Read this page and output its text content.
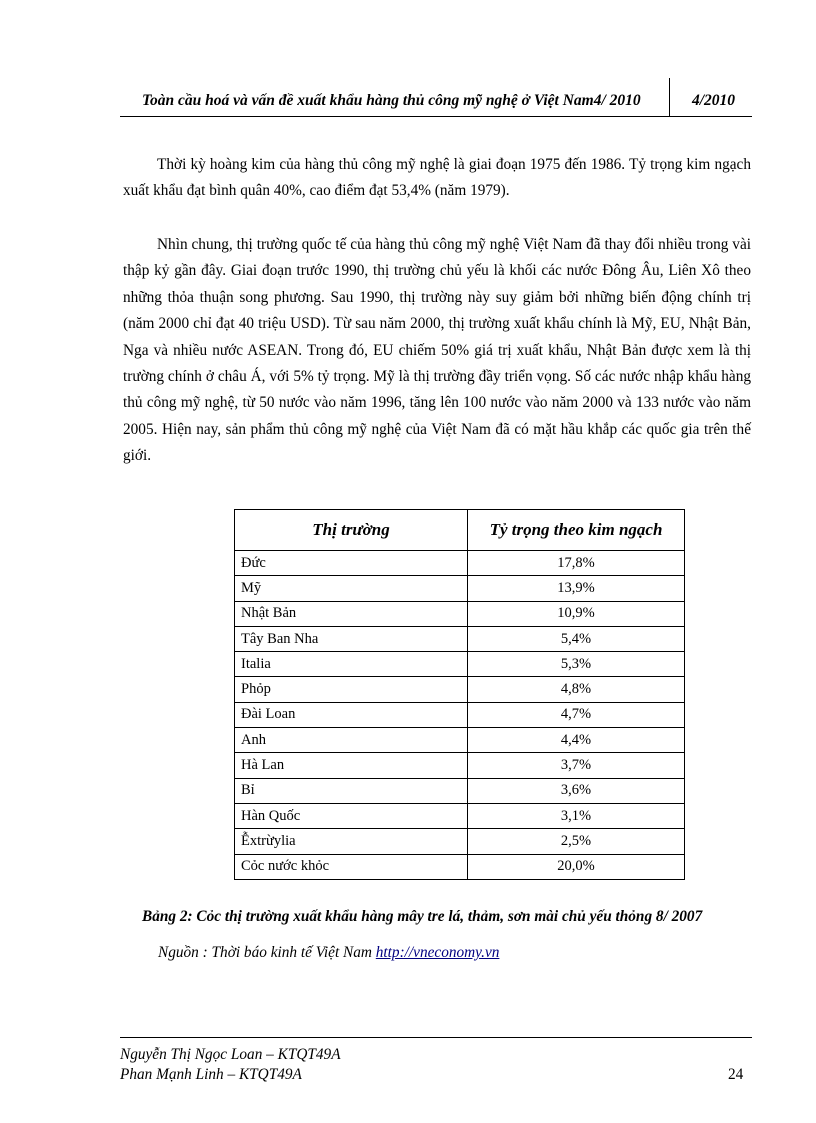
Toàn cầu hoá và vấn đề xuất khẩu hàng thủ công mỹ nghệ ở Việt Nam4/ 2010	4/2010

Thời kỳ hoàng kim của hàng thủ công mỹ nghệ là giai đoạn 1975 đến 1986. Tỷ trọng kim ngạch xuất khẩu đạt bình quân 40%, cao điểm đạt 53,4% (năm 1979).

Nhìn chung, thị trường quốc tế của hàng thủ công mỹ nghệ Việt Nam đã thay đổi nhiều trong vài thập kỷ gần đây. Giai đoạn trước 1990, thị trường chủ yếu là khối các nước Đông Âu, Liên Xô theo những thỏa thuận song phương. Sau 1990, thị trường này suy giảm bởi những biến động chính trị (năm 2000 chỉ đạt 40 triệu USD). Từ sau năm 2000, thị trường xuất khẩu chính là Mỹ, EU, Nhật Bản, Nga và nhiều nước ASEAN. Trong đó, EU chiếm 50% giá trị xuất khẩu, Nhật Bản được xem là thị trường chính ở châu Á, với 5% tỷ trọng. Mỹ là thị trường đầy triển vọng. Số các nước nhập khẩu hàng thủ công mỹ nghệ, từ 50 nước vào năm 1996, tăng lên 100 nước vào năm 2000 và 133 nước vào năm 2005. Hiện nay, sản phẩm thủ công mỹ nghệ của Việt Nam đã có mặt hầu khắp các quốc gia trên thế giới.

Thị trường	Tỷ trọng theo kim ngạch
Đức	17,8%
Mỹ	13,9%
Nhật Bản	10,9%
Tây Ban Nha	5,4%
Italia	5,3%
Phỏp	4,8%
Đài Loan	4,7%
Anh	4,4%
Hà Lan	3,7%
Bỉ	3,6%
Hàn Quốc	3,1%
Ễxtrừylia	2,5%
Cỏc nước khỏc	20,0%
Bảng 2: Cỏc thị trường xuất khẩu hàng mây tre lá, thảm, sơn mài chủ yếu thỏng 8/ 2007
Nguồn : Thời báo kinh tế Việt Nam http://vneconomy.vn
Nguyễn Thị Ngọc Loan – KTQT49A
Phan Mạnh Linh – KTQT49A	24
